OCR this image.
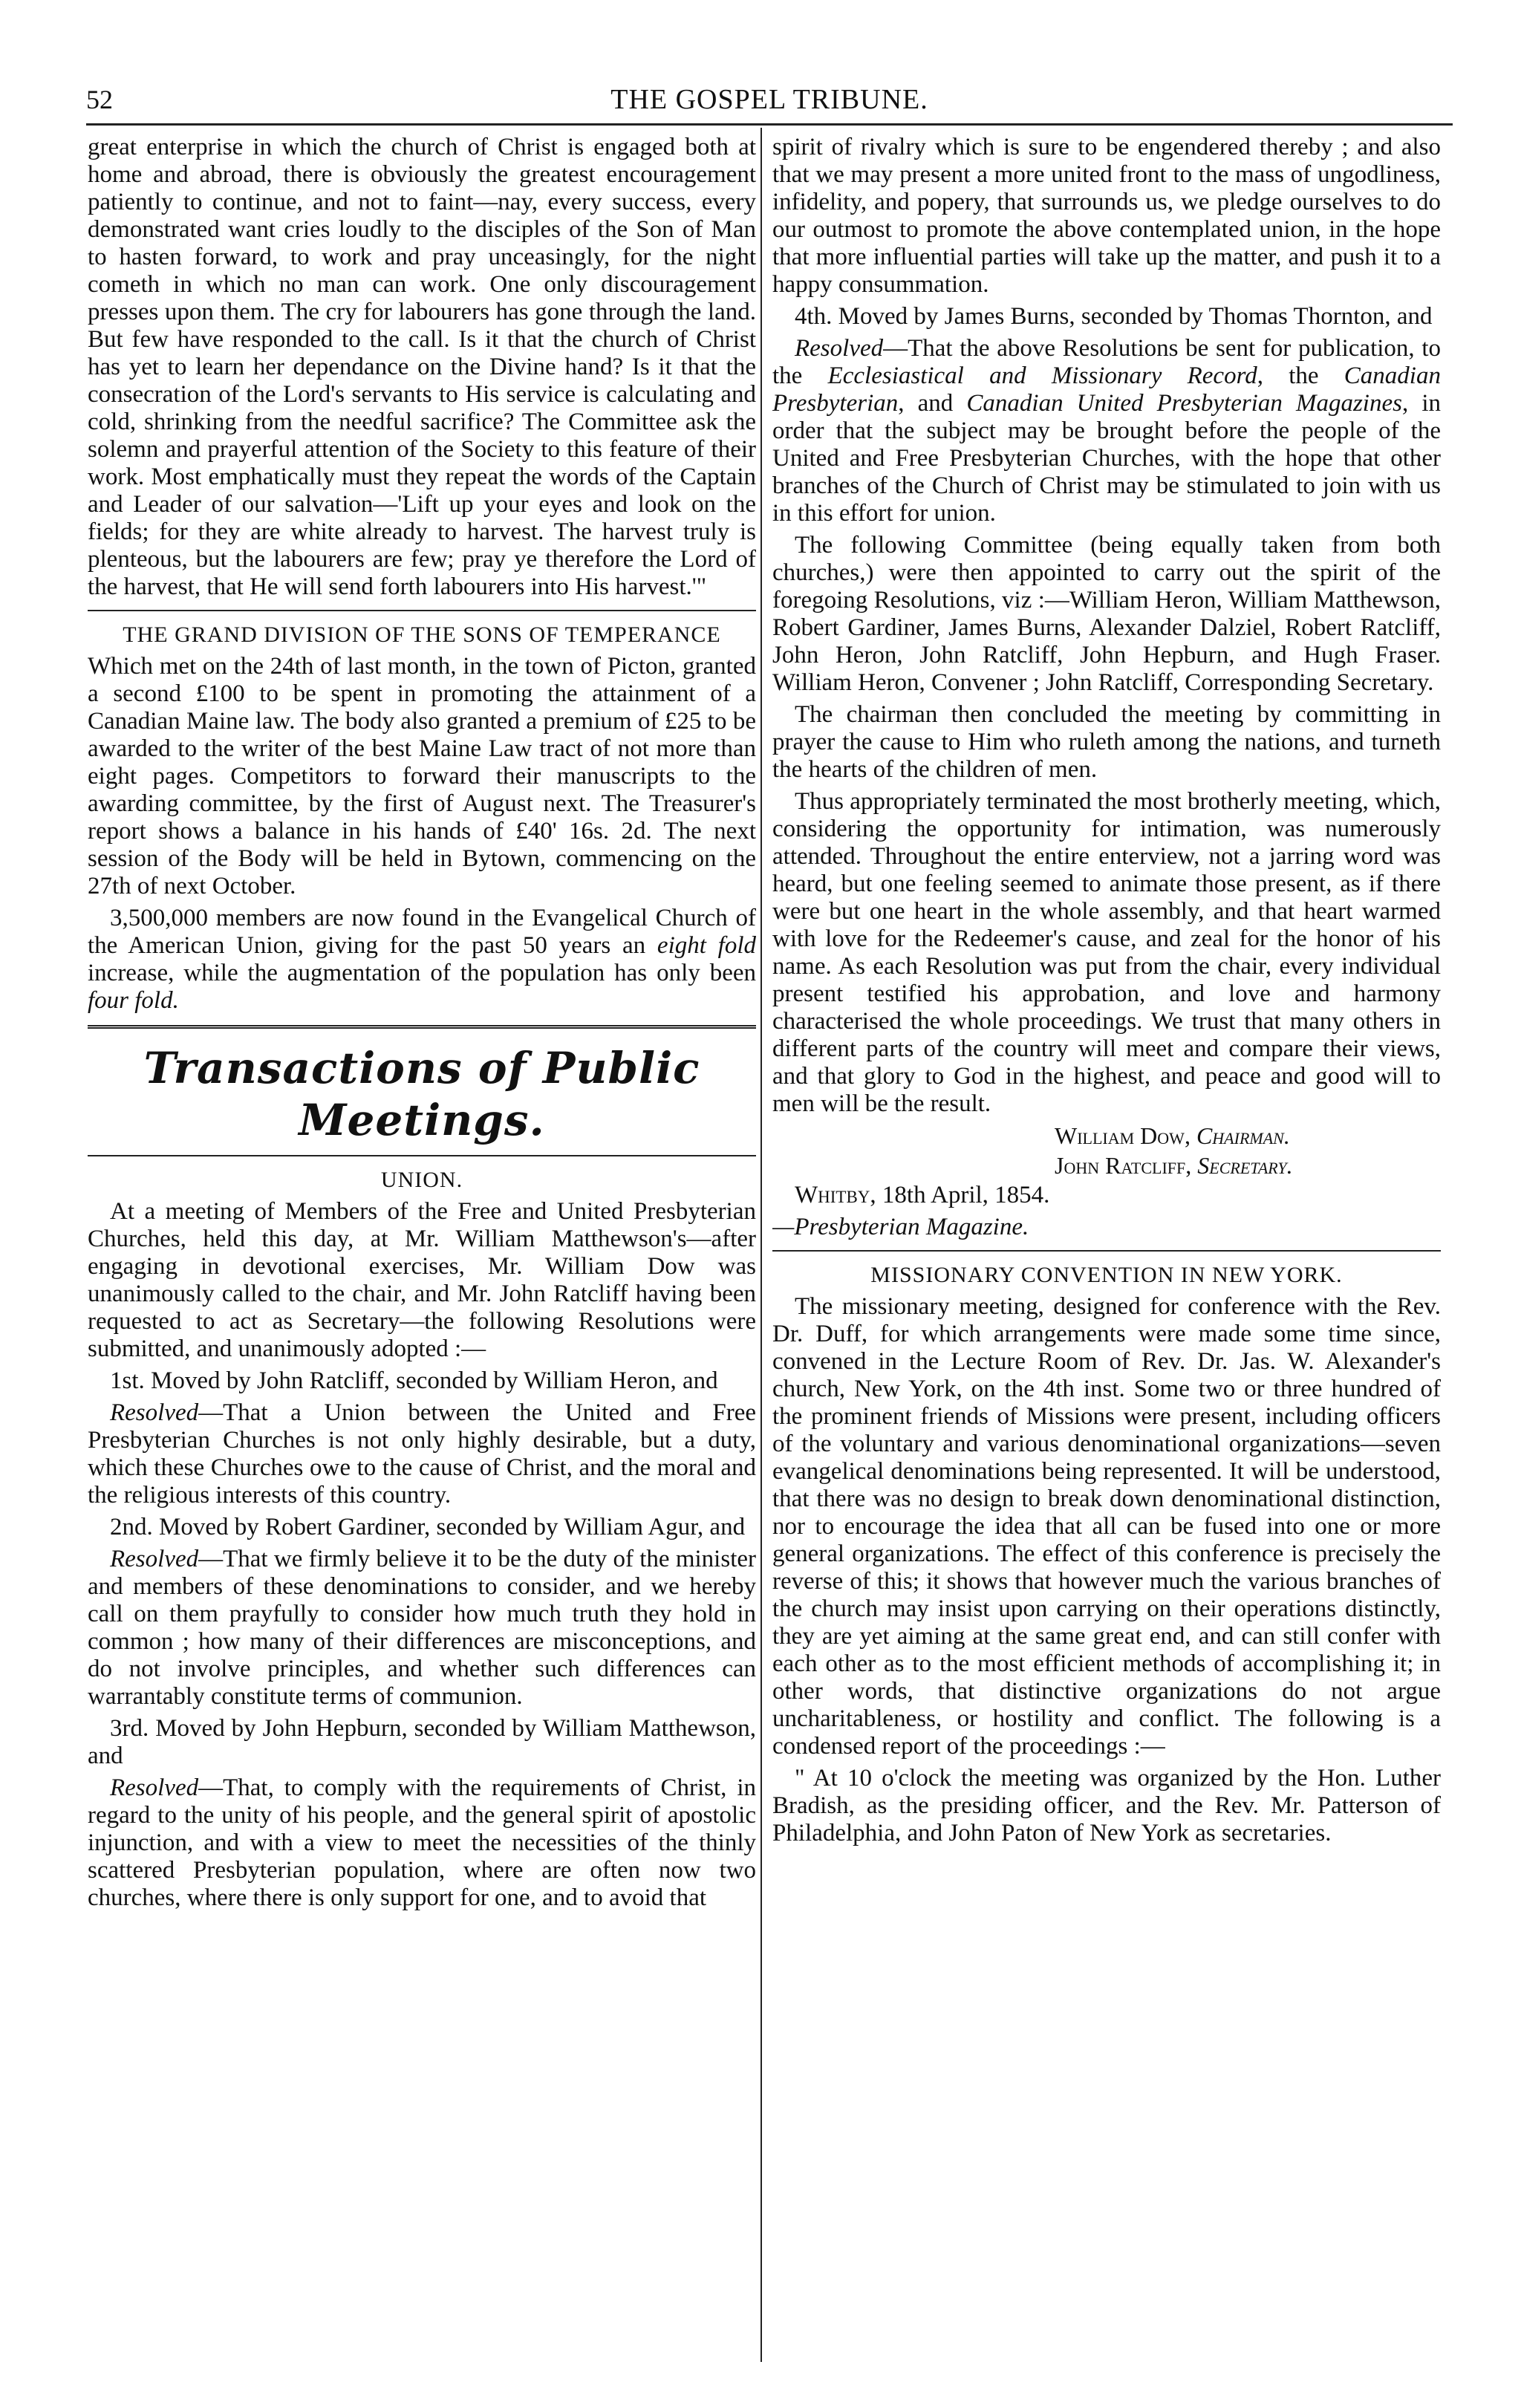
52	THE GOSPEL TRIBUNE.

great enterprise in which the church of Christ is engaged both at home and abroad, there is obviously the greatest encouragement patiently to continue, and not to faint—nay, every success, every demonstrated want cries loudly to the disciples of the Son of Man to hasten forward, to work and pray unceasingly, for the night cometh in which no man can work. One only discouragement presses upon them. The cry for labourers has gone through the land. But few have responded to the call. Is it that the church of Christ has yet to learn her dependance on the Divine hand? Is it that the consecration of the Lord's servants to His service is calculating and cold, shrinking from the needful sacrifice? The Committee ask the solemn and prayerful attention of the Society to this feature of their work. Most emphatically must they repeat the words of the Captain and Leader of our salvation—'Lift up your eyes and look on the fields; for they are white already to harvest. The harvest truly is plenteous, but the labourers are few; pray ye therefore the Lord of the harvest, that He will send forth labourers into His harvest.'"

THE GRAND DIVISION OF THE SONS OF TEMPERANCE

Which met on the 24th of last month, in the town of Picton, granted a second £100 to be spent in promoting the attainment of a Canadian Maine law. The body also granted a premium of £25 to be awarded to the writer of the best Maine Law tract of not more than eight pages. Competitors to forward their manuscripts to the awarding committee, by the first of August next. The Treasurer's report shows a balance in his hands of £40' 16s. 2d. The next session of the Body will be held in Bytown, commencing on the 27th of next October.

3,500,000 members are now found in the Evangelical Church of the American Union, giving for the past 50 years an eight fold increase, while the augmentation of the population has only been four fold.

Transactions of Public Meetings.
UNION.

At a meeting of Members of the Free and United Presbyterian Churches, held this day, at Mr. William Matthewson's—after engaging in devotional exercises, Mr. William Dow was unanimously called to the chair, and Mr. John Ratcliff having been requested to act as Secretary—the following Resolutions were submitted, and unanimously adopted :—

1st. Moved by John Ratcliff, seconded by William Heron, and

Resolved—That a Union between the United and Free Presbyterian Churches is not only highly desirable, but a duty, which these Churches owe to the cause of Christ, and the moral and the religious interests of this country.

2nd. Moved by Robert Gardiner, seconded by William Agur, and

Resolved—That we firmly believe it to be the duty of the minister and members of these denominations to consider, and we hereby call on them prayfully to consider how much truth they hold in common ; how many of their differences are misconceptions, and do not involve principles, and whether such differences can warrantably constitute terms of communion.

3rd. Moved by John Hepburn, seconded by William Matthewson, and

Resolved—That, to comply with the requirements of Christ, in regard to the unity of his people, and the general spirit of apostolic injunction, and with a view to meet the necessities of the thinly scattered Presbyterian population, where are often now two churches, where there is only support for one, and to avoid that

spirit of rivalry which is sure to be engendered thereby ; and also that we may present a more united front to the mass of ungodliness, infidelity, and popery, that surrounds us, we pledge ourselves to do our outmost to promote the above contemplated union, in the hope that more influential parties will take up the matter, and push it to a happy consummation.

4th. Moved by James Burns, seconded by Thomas Thornton, and

Resolved—That the above Resolutions be sent for publication, to the Ecclesiastical and Missionary Record, the Canadian Presbyterian, and Canadian United Presbyterian Magazines, in order that the subject may be brought before the people of the United and Free Presbyterian Churches, with the hope that other branches of the Church of Christ may be stimulated to join with us in this effort for union.

The following Committee (being equally taken from both churches,) were then appointed to carry out the spirit of the foregoing Resolutions, viz :—William Heron, William Matthewson, Robert Gardiner, James Burns, Alexander Dalziel, Robert Ratcliff, John Heron, John Ratcliff, John Hepburn, and Hugh Fraser. William Heron, Convener ; John Ratcliff, Corresponding Secretary.

The chairman then concluded the meeting by committing in prayer the cause to Him who ruleth among the nations, and turneth the hearts of the children of men.

Thus appropriately terminated the most brotherly meeting, which, considering the opportunity for intimation, was numerously attended. Throughout the entire enterview, not a jarring word was heard, but one feeling seemed to animate those present, as if there were but one heart in the whole assembly, and that heart warmed with love for the Redeemer's cause, and zeal for the honor of his name. As each Resolution was put from the chair, every individual present testified his approbation, and love and harmony characterised the whole proceedings. We trust that many others in different parts of the country will meet and compare their views, and that glory to God in the highest, and peace and good will to men will be the result.

William Dow, Chairman.
John Ratcliff, Secretary.

Whitby, 18th April, 1854.

—Presbyterian Magazine.

MISSIONARY CONVENTION IN NEW YORK.

The missionary meeting, designed for conference with the Rev. Dr. Duff, for which arrangements were made some time since, convened in the Lecture Room of Rev. Dr. Jas. W. Alexander's church, New York, on the 4th inst. Some two or three hundred of the prominent friends of Missions were present, including officers of the voluntary and various denominational organizations—seven evangelical denominations being represented. It will be understood, that there was no design to break down denominational distinction, nor to encourage the idea that all can be fused into one or more general organizations. The effect of this conference is precisely the reverse of this; it shows that however much the various branches of the church may insist upon carrying on their operations distinctly, they are yet aiming at the same great end, and can still confer with each other as to the most efficient methods of accomplishing it; in other words, that distinctive organizations do not argue uncharitableness, or hostility and conflict. The following is a condensed report of the proceedings :—

" At 10 o'clock the meeting was organized by the Hon. Luther Bradish, as the presiding officer, and the Rev. Mr. Patterson of Philadelphia, and John Paton of New York as secretaries.
